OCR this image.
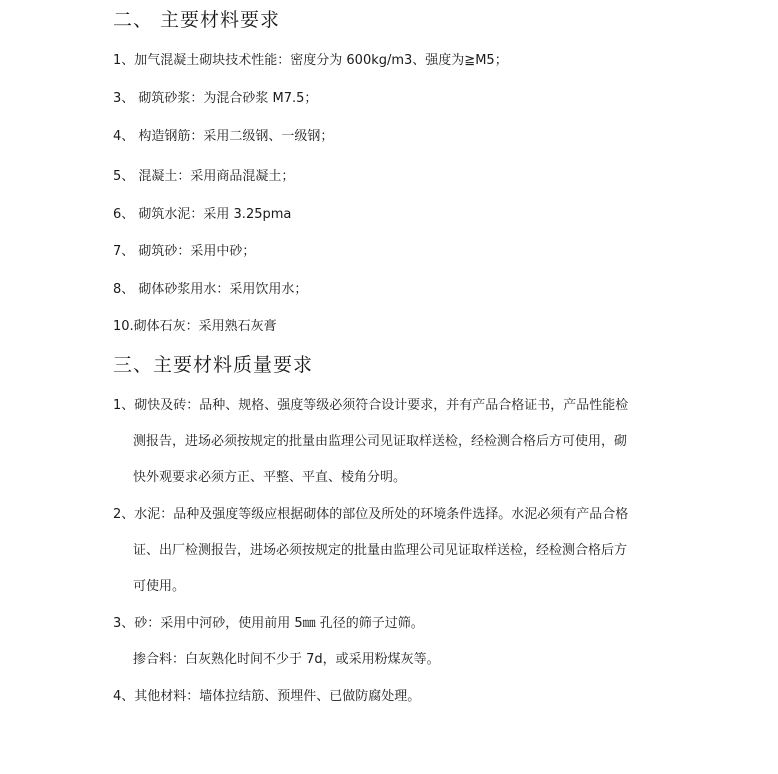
二、 主要材料要求
1、加气混凝土砌块技术性能：密度分为 600kg/m3、强度为≧M5；
3、 砌筑砂浆：为混合砂浆 M7.5；
4、 构造钢筋：采用二级钢、一级钢；
5、 混凝土：采用商品混凝土；
6、 砌筑水泥：采用 3.25pma
7、 砌筑砂：采用中砂；
8、 砌体砂浆用水：采用饮用水；
10.砌体石灰：采用熟石灰膏
三、主要材料质量要求
1、砌快及砖：品种、规格、强度等级必须符合设计要求，并有产品合格证书，产品性能检
测报告，进场必须按规定的批量由监理公司见证取样送检，经检测合格后方可使用，砌
快外观要求必须方正、平整、平直、棱角分明。
2、水泥：品种及强度等级应根据砌体的部位及所处的环境条件选择。水泥必须有产品合格
证、出厂检测报告，进场必须按规定的批量由监理公司见证取样送检，经检测合格后方
可使用。
3、砂：采用中河砂，使用前用 5㎜ 孔径的筛子过筛。
掺合料：白灰熟化时间不少于 7d，或采用粉煤灰等。
4、其他材料：墙体拉结筋、预埋件、已做防腐处理。
